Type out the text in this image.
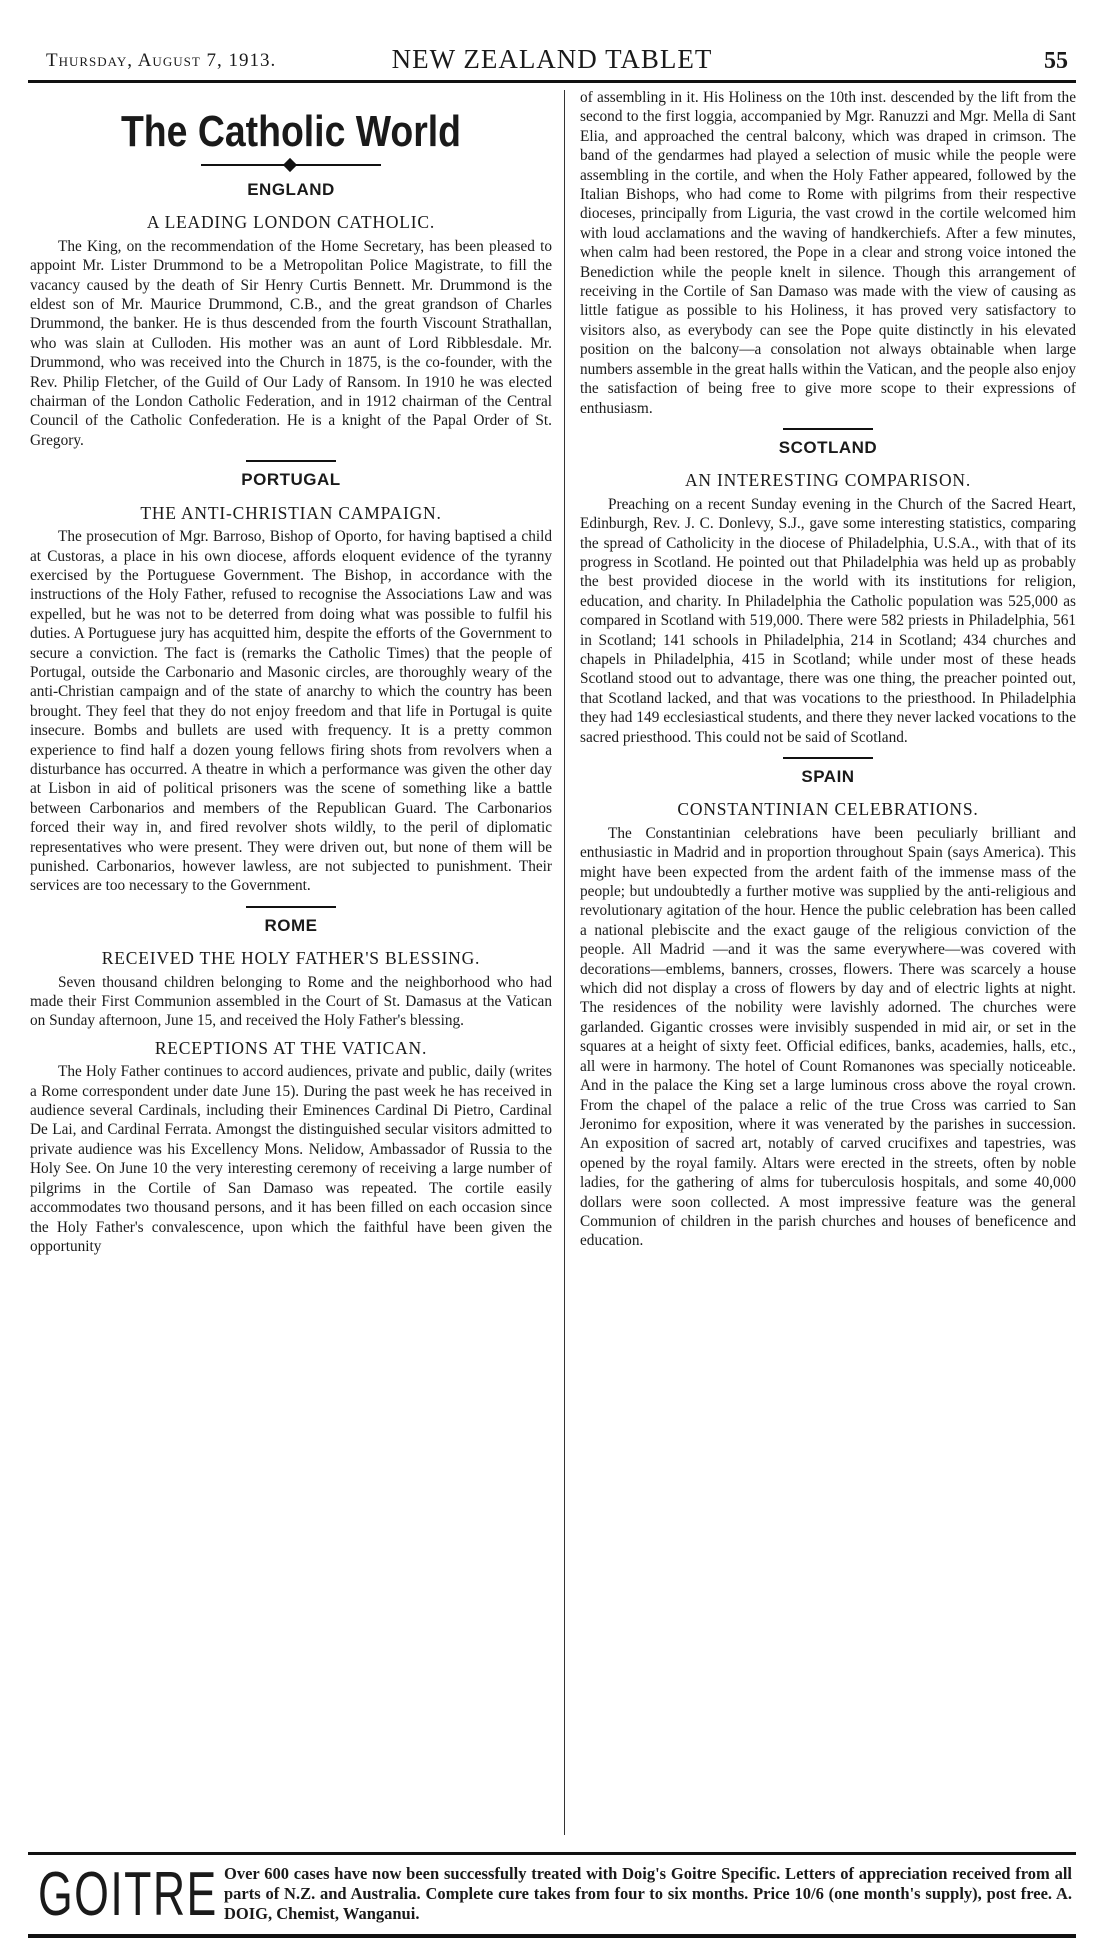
Thursday, August 7, 1913.	NEW ZEALAND TABLET	55
The Catholic World
ENGLAND
A LEADING LONDON CATHOLIC.

The King, on the recommendation of the Home Secretary, has been pleased to appoint Mr. Lister Drummond to be a Metropolitan Police Magistrate, to fill the vacancy caused by the death of Sir Henry Curtis Bennett. Mr. Drummond is the eldest son of Mr. Maurice Drummond, C.B., and the great grandson of Charles Drummond, the banker. He is thus descended from the fourth Viscount Strathallan, who was slain at Culloden. His mother was an aunt of Lord Ribblesdale. Mr. Drummond, who was received into the Church in 1875, is the co-founder, with the Rev. Philip Fletcher, of the Guild of Our Lady of Ransom. In 1910 he was elected chairman of the London Catholic Federation, and in 1912 chairman of the Central Council of the Catholic Confederation. He is a knight of the Papal Order of St. Gregory.

PORTUGAL
THE ANTI-CHRISTIAN CAMPAIGN.

The prosecution of Mgr. Barroso, Bishop of Oporto, for having baptised a child at Custoras, a place in his own diocese, affords eloquent evidence of the tyranny exercised by the Portuguese Government. The Bishop, in accordance with the instructions of the Holy Father, refused to recognise the Associations Law and was expelled, but he was not to be deterred from doing what was possible to fulfil his duties. A Portuguese jury has acquitted him, despite the efforts of the Government to secure a conviction. The fact is (remarks the Catholic Times) that the people of Portugal, outside the Carbonario and Masonic circles, are thoroughly weary of the anti-Christian campaign and of the state of anarchy to which the country has been brought. They feel that they do not enjoy freedom and that life in Portugal is quite insecure. Bombs and bullets are used with frequency. It is a pretty common experience to find half a dozen young fellows firing shots from revolvers when a disturbance has occurred. A theatre in which a performance was given the other day at Lisbon in aid of political prisoners was the scene of something like a battle between Carbonarios and members of the Republican Guard. The Carbonarios forced their way in, and fired revolver shots wildly, to the peril of diplomatic representatives who were present. They were driven out, but none of them will be punished. Carbonarios, however lawless, are not subjected to punishment. Their services are too necessary to the Government.

ROME
RECEIVED THE HOLY FATHER'S BLESSING.

Seven thousand children belonging to Rome and the neighborhood who had made their First Communion assembled in the Court of St. Damasus at the Vatican on Sunday afternoon, June 15, and received the Holy Father's blessing.

RECEPTIONS AT THE VATICAN.

The Holy Father continues to accord audiences, private and public, daily (writes a Rome correspondent under date June 15). During the past week he has received in audience several Cardinals, including their Eminences Cardinal Di Pietro, Cardinal De Lai, and Cardinal Ferrata. Amongst the distinguished secular visitors admitted to private audience was his Excellency Mons. Nelidow, Ambassador of Russia to the Holy See. On June 10 the very interesting ceremony of receiving a large number of pilgrims in the Cortile of San Damaso was repeated. The cortile easily accommodates two thousand persons, and it has been filled on each occasion since the Holy Father's convalescence, upon which the faithful have been given the opportunity

of assembling in it. His Holiness on the 10th inst. descended by the lift from the second to the first loggia, accompanied by Mgr. Ranuzzi and Mgr. Mella di Sant Elia, and approached the central balcony, which was draped in crimson. The band of the gendarmes had played a selection of music while the people were assembling in the cortile, and when the Holy Father appeared, followed by the Italian Bishops, who had come to Rome with pilgrims from their respective dioceses, principally from Liguria, the vast crowd in the cortile welcomed him with loud acclamations and the waving of handkerchiefs. After a few minutes, when calm had been restored, the Pope in a clear and strong voice intoned the Benediction while the people knelt in silence. Though this arrangement of receiving in the Cortile of San Damaso was made with the view of causing as little fatigue as possible to his Holiness, it has proved very satisfactory to visitors also, as everybody can see the Pope quite distinctly in his elevated position on the balcony—a consolation not always obtainable when large numbers assemble in the great halls within the Vatican, and the people also enjoy the satisfaction of being free to give more scope to their expressions of enthusiasm.

SCOTLAND
AN INTERESTING COMPARISON.

Preaching on a recent Sunday evening in the Church of the Sacred Heart, Edinburgh, Rev. J. C. Donlevy, S.J., gave some interesting statistics, comparing the spread of Catholicity in the diocese of Philadelphia, U.S.A., with that of its progress in Scotland. He pointed out that Philadelphia was held up as probably the best provided diocese in the world with its institutions for religion, education, and charity. In Philadelphia the Catholic population was 525,000 as compared in Scotland with 519,000. There were 582 priests in Philadelphia, 561 in Scotland; 141 schools in Philadelphia, 214 in Scotland; 434 churches and chapels in Philadelphia, 415 in Scotland; while under most of these heads Scotland stood out to advantage, there was one thing, the preacher pointed out, that Scotland lacked, and that was vocations to the priesthood. In Philadelphia they had 149 ecclesiastical students, and there they never lacked vocations to the sacred priesthood. This could not be said of Scotland.

SPAIN
CONSTANTINIAN CELEBRATIONS.

The Constantinian celebrations have been peculiarly brilliant and enthusiastic in Madrid and in proportion throughout Spain (says America). This might have been expected from the ardent faith of the immense mass of the people; but undoubtedly a further motive was supplied by the anti-religious and revolutionary agitation of the hour. Hence the public celebration has been called a national plebiscite and the exact gauge of the religious conviction of the people. All Madrid —and it was the same everywhere—was covered with decorations—emblems, banners, crosses, flowers. There was scarcely a house which did not display a cross of flowers by day and of electric lights at night. The residences of the nobility were lavishly adorned. The churches were garlanded. Gigantic crosses were invisibly suspended in mid air, or set in the squares at a height of sixty feet. Official edifices, banks, academies, halls, etc., all were in harmony. The hotel of Count Romanones was specially noticeable. And in the palace the King set a large luminous cross above the royal crown. From the chapel of the palace a relic of the true Cross was carried to San Jeronimo for exposition, where it was venerated by the parishes in succession. An exposition of sacred art, notably of carved crucifixes and tapestries, was opened by the royal family. Altars were erected in the streets, often by noble ladies, for the gathering of alms for tuberculosis hospitals, and some 40,000 dollars were soon collected. A most impressive feature was the general Communion of children in the parish churches and houses of beneficence and education.

GOITRE Over 600 cases have now been successfully treated with Doig's Goitre Specific. Letters of appreciation received from all parts of N.Z. and Australia. Complete cure takes from four to six months. Price 10/6 (one month's supply), post free. A. DOIG, Chemist, Wanganui.
